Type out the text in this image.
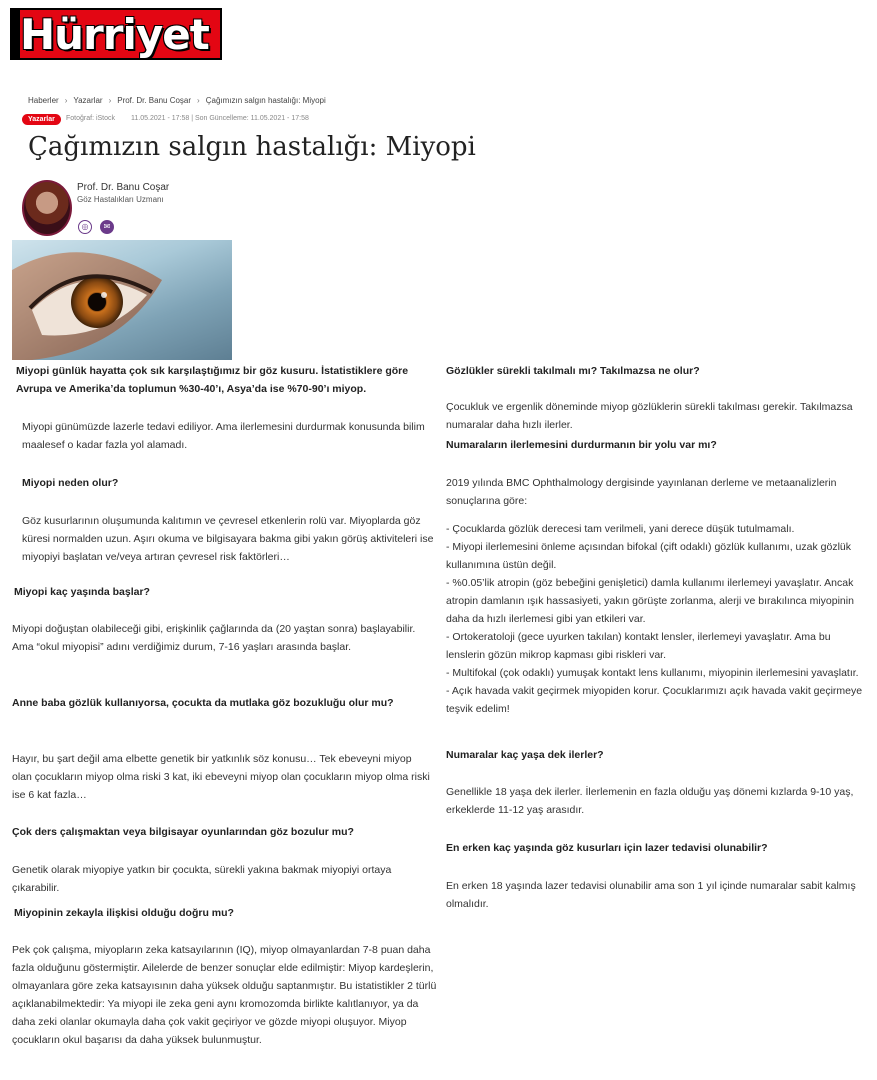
Hürriyet
Haberler › Yazarlar › Prof. Dr. Banu Coşar › Çağımızın salgın hastalığı: Miyopi
Yazarlar	Fotoğraf: iStock 11.05.2021 - 17:58 | Son Güncelleme: 11.05.2021 - 17:58
Çağımızın salgın hastalığı: Miyopi
Prof. Dr. Banu Coşar
Göz Hastalıkları Uzmanı
◎	✉
Miyopi günlük hayatta çok sık karşılaştığımız bir göz kusuru. İstatistiklere göre Avrupa ve Amerika’da toplumun %30-40’ı, Asya’da ise %70-90’ı miyop.
Miyopi günümüzde lazerle tedavi ediliyor. Ama ilerlemesini durdurmak konusunda bilim maalesef o kadar fazla yol alamadı.
Miyopi neden olur?
Göz kusurlarının oluşumunda kalıtımın ve çevresel etkenlerin rolü var. Miyoplarda göz küresi normalden uzun. Aşırı okuma ve bilgisayara bakma gibi yakın görüş aktiviteleri ise miyopiyi başlatan ve/veya artıran çevresel risk faktörleri…
Miyopi kaç yaşında başlar?
Miyopi doğuştan olabileceği gibi, erişkinlik çağlarında da (20 yaştan sonra) başlayabilir. Ama “okul miyopisi” adını verdiğimiz durum, 7-16 yaşları arasında başlar.
Anne baba gözlük kullanıyorsa, çocukta da mutlaka göz bozukluğu olur mu?
Hayır, bu şart değil ama elbette genetik bir yatkınlık söz konusu… Tek ebeveyni miyop olan çocukların miyop olma riski 3 kat, iki ebeveyni miyop olan çocukların miyop olma riski ise 6 kat fazla…
Çok ders çalışmaktan veya bilgisayar oyunlarından göz bozulur mu?
Genetik olarak miyopiye yatkın bir çocukta, sürekli yakına bakmak miyopiyi ortaya çıkarabilir.
Miyopinin zekayla ilişkisi olduğu doğru mu?
Pek çok çalışma, miyopların zeka katsayılarının (IQ), miyop olmayanlardan 7-8 puan daha fazla olduğunu göstermiştir. Ailelerde de benzer sonuçlar elde edilmiştir: Miyop kardeşlerin, olmayanlara göre zeka katsayısının daha yüksek olduğu saptanmıştır. Bu istatistikler 2 türlü açıklanabilmektedir: Ya miyopi ile zeka geni aynı kromozomda birlikte kalıtlanıyor, ya da daha zeki olanlar okumayla daha çok vakit geçiriyor ve gözde miyopi oluşuyor. Miyop çocukların okul başarısı da daha yüksek bulunmuştur.
Gözlükler sürekli takılmalı mı? Takılmazsa ne olur?
Çocukluk ve ergenlik döneminde miyop gözlüklerin sürekli takılması gerekir. Takılmazsa numaralar daha hızlı ilerler.
Numaraların ilerlemesini durdurmanın bir yolu var mı?
2019 yılında BMC Ophthalmology dergisinde yayınlanan derleme ve metaanalizlerin sonuçlarına göre:
- Çocuklarda gözlük derecesi tam verilmeli, yani derece düşük tutulmamalı.
- Miyopi ilerlemesini önleme açısından bifokal (çift odaklı) gözlük kullanımı, uzak gözlük kullanımına üstün değil.
- %0.05’lik atropin (göz bebeğini genişletici) damla kullanımı ilerlemeyi yavaşlatır. Ancak atropin damlanın ışık hassasiyeti, yakın görüşte zorlanma, alerji ve bırakılınca miyopinin daha da hızlı ilerlemesi gibi yan etkileri var.
- Ortokeratoloji (gece uyurken takılan) kontakt lensler, ilerlemeyi yavaşlatır. Ama bu lenslerin gözün mikrop kapması gibi riskleri var.
- Multifokal (çok odaklı) yumuşak kontakt lens kullanımı, miyopinin ilerlemesini yavaşlatır.
- Açık havada vakit geçirmek miyopiden korur. Çocuklarımızı açık havada vakit geçirmeye teşvik edelim!
Numaralar kaç yaşa dek ilerler?
Genellikle 18 yaşa dek ilerler. İlerlemenin en fazla olduğu yaş dönemi kızlarda 9-10 yaş, erkeklerde 11-12 yaş arasıdır.
En erken kaç yaşında göz kusurları için lazer tedavisi olunabilir?
En erken 18 yaşında lazer tedavisi olunabilir ama son 1 yıl içinde numaralar sabit kalmış olmalıdır.
